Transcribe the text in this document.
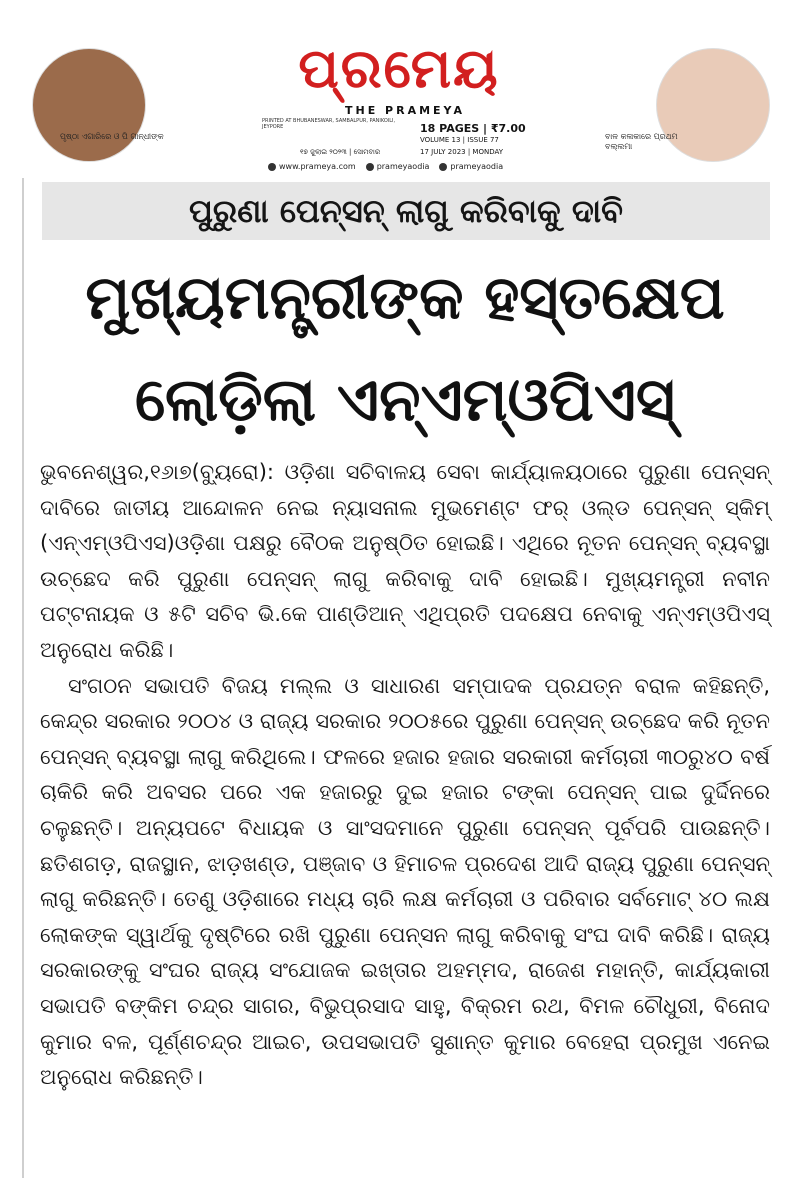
ପୃଷ୍ଠା ଏଗାରିରେ ଓ ପି ଗାନ୍ଧୀଙ୍କ
ପ୍ରମେୟ
THE PRAMEYA
PRINTED AT BHUBANESWAR, SAMBALPUR, PANIKOILI, JEYPORE	18 PAGES | ₹7.00
VOLUME 13 | ISSUE 77
17 JULY 2023 | MONDAY
୧୭ ଜୁଲାଇ ୨୦୨୩ | ସୋମବାର
www.prameya.com	prameyaodia	prameyaodia
ବାଳ କଳାକାରେ ପ୍ରଥମ ବଲ୍ଲମା
ପୁରୁଣା ପେନ୍‌ସନ୍ ଲାଗୁ କରିବାକୁ ଦାବି
ମୁଖ୍ୟମନ୍ତ୍ରୀଙ୍କ ହସ୍ତକ୍ଷେପ
ଲୋଡ଼ିଲା ଏନ୍‌ଏମ୍‌ଓପିଏସ୍

ଭୁବନେଶ୍ୱର,୧୬ା୭(ବ୍ୟୁରୋ): ଓଡ଼ିଶା ସଚିବାଳୟ ସେବା କାର୍ଯ୍ୟାଳୟଠାରେ ପୁରୁଣା ପେନ୍‌ସନ୍ ଦାବିରେ ଜାତୀୟ ଆନ୍ଦୋଳନ ନେଇ ନ୍ୟାସନାଲ ମୁଭମେଣ୍ଟ ଫର୍ ଓଲ୍ଡ ପେନ୍‌ସନ୍ ସ୍କିମ୍ (ଏନ୍‌ଏମ୍‌ଓପିଏସ)ଓଡ଼ିଶା ପକ୍ଷରୁ ବୈଠକ ଅନୁଷ୍ଠିତ ହୋଇଛି। ଏଥିରେ ନୂତନ ପେନ୍‌ସନ୍ ବ୍ୟବସ୍ଥା ଉଚ୍ଛେଦ କରି ପୁରୁଣା ପେନ୍‌ସନ୍ ଲାଗୁ କରିବାକୁ ଦାବି ହୋଇଛି। ମୁଖ୍ୟମନ୍ତ୍ରୀ ନବୀନ ପଟ୍ଟନାୟକ ଓ ୫ଟି ସଚିବ ଭି.କେ ପାଣ୍ଡିଆନ୍ ଏଥିପ୍ରତି ପଦକ୍ଷେପ ନେବାକୁ ଏନ୍‌ଏମ୍‌ଓପିଏସ୍ ଅନୁରୋଧ କରିଛି।

ସଂଗଠନ ସଭାପତି ବିଜୟ ମଲ୍ଲ ଓ ସାଧାରଣ ସମ୍ପାଦକ ପ୍ରଯତ୍ନ ବରାଳ କହିଛନ୍ତି, କେନ୍ଦ୍ର ସରକାର ୨୦୦୪ ଓ ରାଜ୍ୟ ସରକାର ୨୦୦୫ରେ ପୁରୁଣା ପେନ୍‌ସନ୍ ଉଚ୍ଛେଦ କରି ନୂତନ ପେନ୍‌ସନ୍ ବ୍ୟବସ୍ଥା ଲାଗୁ କରିଥିଲେ। ଫଳରେ ହଜାର ହଜାର ସରକାରୀ କର୍ମଚାରୀ ୩୦ରୁ୪୦ ବର୍ଷ ଚାକିରି କରି ଅବସର ପରେ ଏକ ହଜାରରୁ ଦୁଇ ହଜାର ଟଙ୍କା ପେନ୍‌ସନ୍ ପାଇ ଦୁର୍ଦ୍ଦିନରେ ଚଳୁଛନ୍ତି। ଅନ୍ୟପଟେ ବିଧାୟକ ଓ ସାଂସଦମାନେ ପୁରୁଣା ପେନ୍‌ସନ୍ ପୂର୍ବପରି ପାଉଛନ୍ତି। ଛତିଶଗଡ଼, ରାଜସ୍ଥାନ, ଝାଡ଼ଖଣ୍ଡ, ପଞ୍ଜାବ ଓ ହିମାଚଳ ପ୍ରଦେଶ ଆଦି ରାଜ୍ୟ ପୁରୁଣା ପେନ୍‌ସନ୍ ଲାଗୁ କରିଛନ୍ତି। ତେଣୁ ଓଡ଼ିଶାରେ ମଧ୍ୟ ଚାରି ଲକ୍ଷ କର୍ମଚାରୀ ଓ ପରିବାର ସର୍ବମୋଟ୍ ୪୦ ଲକ୍ଷ ଲୋକଙ୍କ ସ୍ୱାର୍ଥକୁ ଦୃଷ୍ଟିରେ ରଖି ପୁରୁଣା ପେନ୍‌ସନ ଲାଗୁ କରିବାକୁ ସଂଘ ଦାବି କରିଛି। ରାଜ୍ୟ ସରକାରଙ୍କୁ ସଂଘର ରାଜ୍ୟ ସଂଯୋଜକ ଇଖ୍‌ତାର ଅହମ୍ମଦ, ରାଜେଶ ମହାନ୍ତି, କାର୍ଯ୍ୟକାରୀ ସଭାପତି ବଙ୍କିମ ଚନ୍ଦ୍ର ସାଗର, ବିଭୁପ୍ରସାଦ ସାହୁ, ବିକ୍ରମ ରଥ, ବିମଳ ଚୌଧୁରୀ, ବିନୋଦ କୁମାର ବଳ, ପୂର୍ଣ୍ଣଚନ୍ଦ୍ର ଆଇଚ, ଉପସଭାପତି ସୁଶାନ୍ତ କୁମାର ବେହେରା ପ୍ରମୁଖ ଏନେଇ ଅନୁରୋଧ କରିଛନ୍ତି।
